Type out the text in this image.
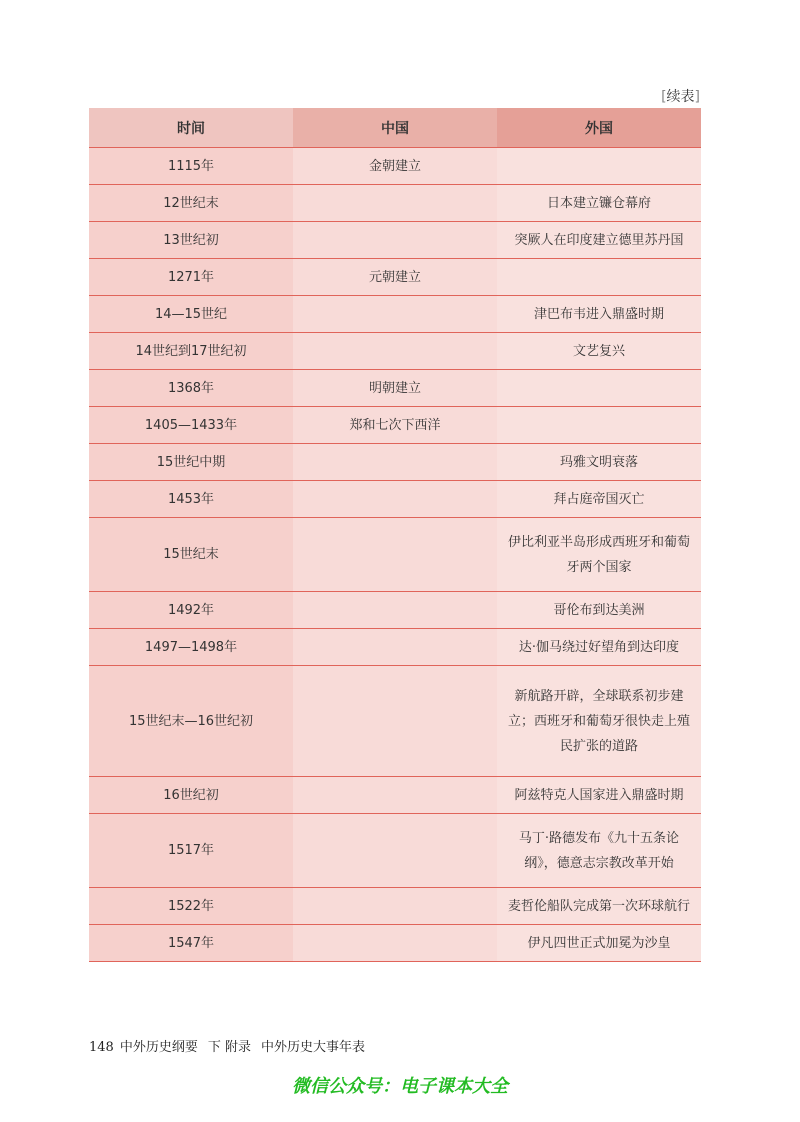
[续表]
时间	中国	外国
1115年	金朝建立	
12世纪末		日本建立镰仓幕府
13世纪初		突厥人在印度建立德里苏丹国
1271年	元朝建立	
14—15世纪		津巴布韦进入鼎盛时期
14世纪到17世纪初		文艺复兴
1368年	明朝建立	
1405—1433年	郑和七次下西洋	
15世纪中期		玛雅文明衰落
1453年		拜占庭帝国灭亡
15世纪末		伊比利亚半岛形成西班牙和葡萄牙两个国家
1492年		哥伦布到达美洲
1497—1498年		达·伽马绕过好望角到达印度
15世纪末—16世纪初		新航路开辟，全球联系初步建立；西班牙和葡萄牙很快走上殖民扩张的道路
16世纪初		阿兹特克人国家进入鼎盛时期
1517年		马丁·路德发布《九十五条论纲》，德意志宗教改革开始
1522年		麦哲伦船队完成第一次环球航行
1547年		伊凡四世正式加冕为沙皇
148 中外历史纲要 下 附录 中外历史大事年表
微信公众号：电子课本大全
